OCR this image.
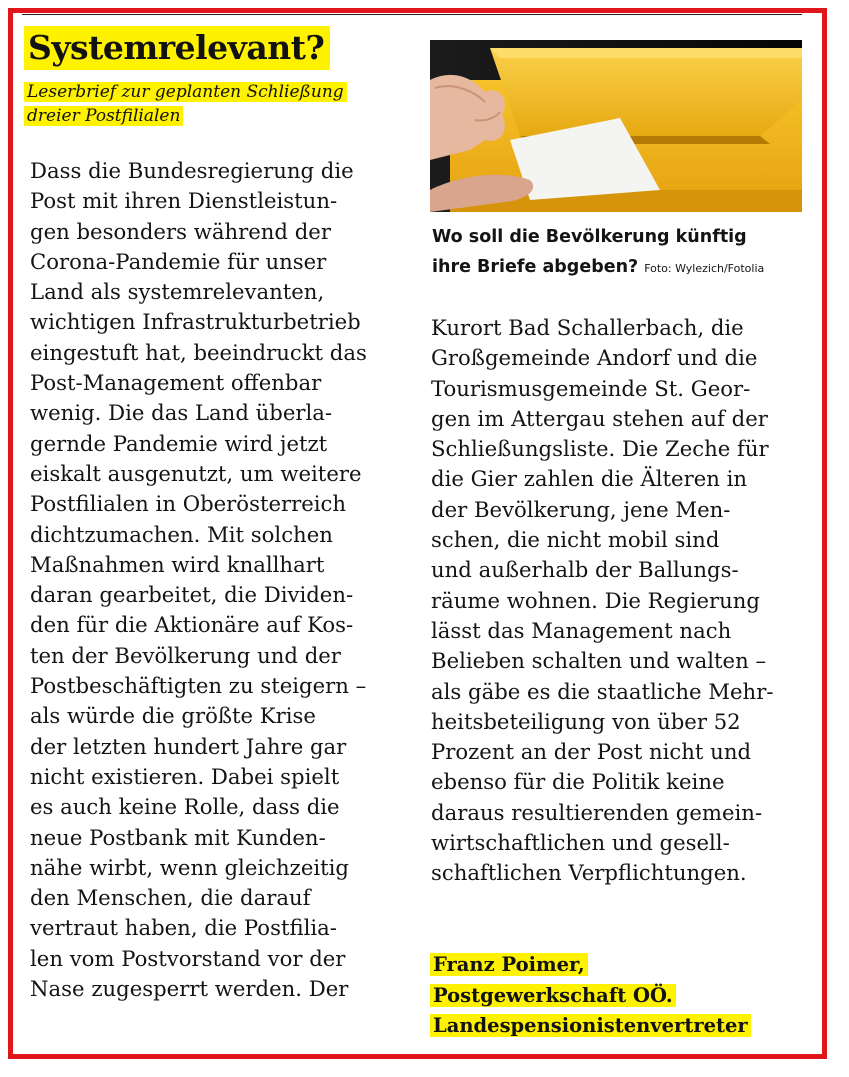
Systemrelevant?
Leserbrief zur geplanten Schließung
dreier Postfilialen
Dass die Bundesregierung die
Post mit ihren Dienstleistun-
gen besonders während der
Corona-Pandemie für unser
Land als systemrelevanten,
wichtigen Infrastrukturbetrieb
eingestuft hat, beeindruckt das
Post-Management offenbar
wenig. Die das Land überla-
gernde Pandemie wird jetzt
eiskalt ausgenutzt, um weitere
Postfilialen in Oberösterreich
dichtzumachen. Mit solchen
Maßnahmen wird knallhart
daran gearbeitet, die Dividen-
den für die Aktionäre auf Kos-
ten der Bevölkerung und der
Postbeschäftigten zu steigern –
als würde die größte Krise
der letzten hundert Jahre gar
nicht existieren. Dabei spielt
es auch keine Rolle, dass die
neue Postbank mit Kunden-
nähe wirbt, wenn gleichzeitig
den Menschen, die darauf
vertraut haben, die Postfilia-
len vom Postvorstand vor der
Nase zugesperrt werden. Der
Kurort Bad Schallerbach, die
Großgemeinde Andorf und die
Tourismusgemeinde St. Geor-
gen im Attergau stehen auf der
Schließungsliste. Die Zeche für
die Gier zahlen die Älteren in
der Bevölkerung, jene Men-
schen, die nicht mobil sind
und außerhalb der Ballungs-
räume wohnen. Die Regierung
lässt das Management nach
Belieben schalten und walten –
als gäbe es die staatliche Mehr-
heitsbeteiligung von über 52
Prozent an der Post nicht und
ebenso für die Politik keine
daraus resultierenden gemein-
wirtschaftlichen und gesell-
schaftlichen Verpflichtungen.
Wo soll die Bevölkerung künftig
ihre Briefe abgeben? Foto: Wylezich/Fotolia
Franz Poimer,
Postgewerkschaft OÖ.
Landespensionistenvertreter
